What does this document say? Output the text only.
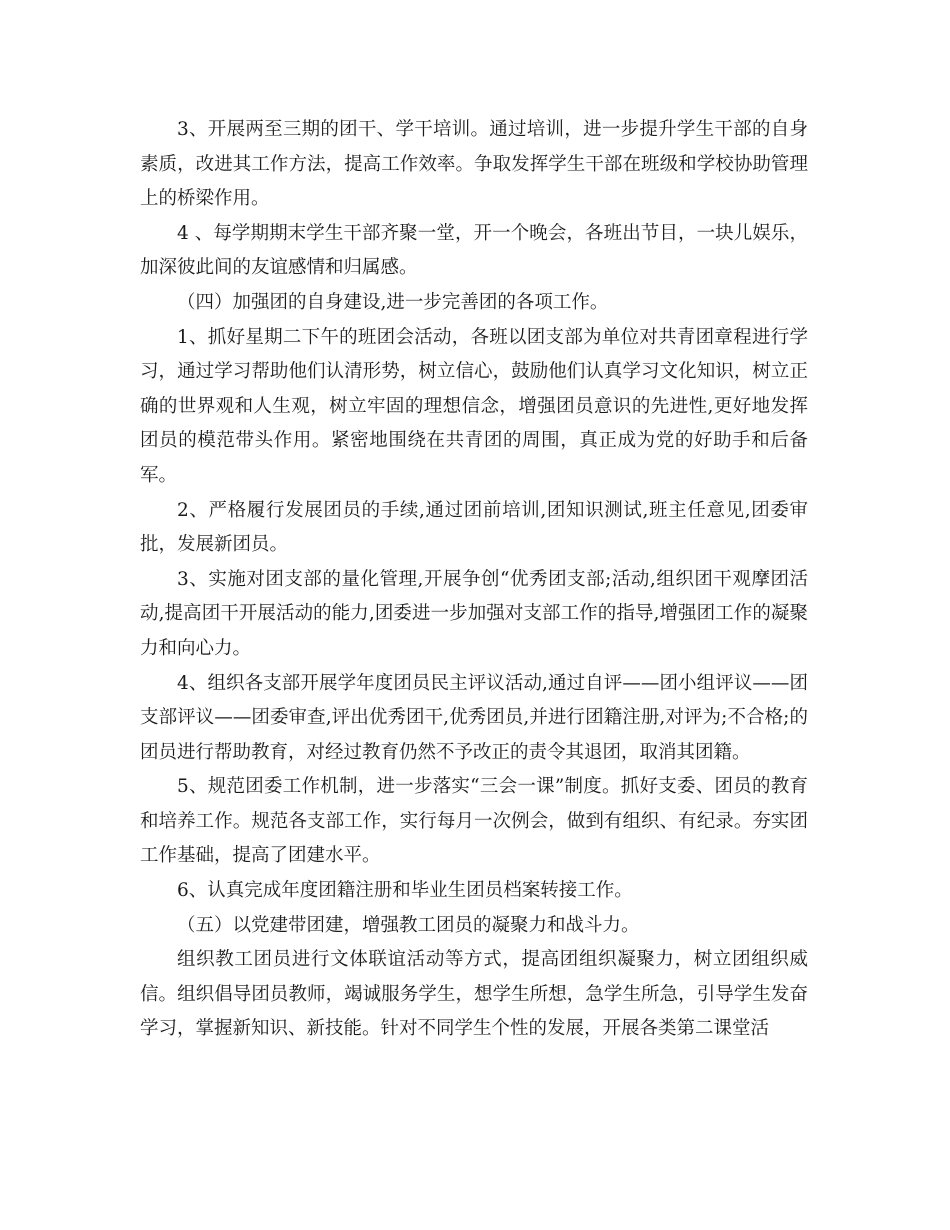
3、开展两至三期的团干、学干培训。通过培训，进一步提升学生干部的自身素质，改进其工作方法，提高工作效率。争取发挥学生干部在班级和学校协助管理上的桥梁作用。

4 、每学期期末学生干部齐聚一堂，开一个晚会，各班出节目，一块儿娱乐，加深彼此间的友谊感情和归属感。

（四）加强团的自身建设,进一步完善团的各项工作。

1、抓好星期二下午的班团会活动，各班以团支部为单位对共青团章程进行学习，通过学习帮助他们认清形势，树立信心，鼓励他们认真学习文化知识，树立正确的世界观和人生观，树立牢固的理想信念，增强团员意识的先进性,更好地发挥团员的模范带头作用。紧密地围绕在共青团的周围，真正成为党的好助手和后备军。

2、严格履行发展团员的手续,通过团前培训,团知识测试,班主任意见,团委审批，发展新团员。

3、实施对团支部的量化管理,开展争创“优秀团支部;活动,组织团干观摩团活动,提高团干开展活动的能力,团委进一步加强对支部工作的指导,增强团工作的凝聚力和向心力。

4、组织各支部开展学年度团员民主评议活动,通过自评——团小组评议——团支部评议——团委审查,评出优秀团干,优秀团员,并进行团籍注册,对评为;不合格;的团员进行帮助教育，对经过教育仍然不予改正的责令其退团，取消其团籍。

5、规范团委工作机制，进一步落实“三会一课”制度。抓好支委、团员的教育和培养工作。规范各支部工作，实行每月一次例会，做到有组织、有纪录。夯实团工作基础，提高了团建水平。

6、认真完成年度团籍注册和毕业生团员档案转接工作。

（五）以党建带团建，增强教工团员的凝聚力和战斗力。

组织教工团员进行文体联谊活动等方式，提高团组织凝聚力，树立团组织威信。组织倡导团员教师，竭诚服务学生，想学生所想，急学生所急，引导学生发奋学习，掌握新知识、新技能。针对不同学生个性的发展，开展各类第二课堂活
